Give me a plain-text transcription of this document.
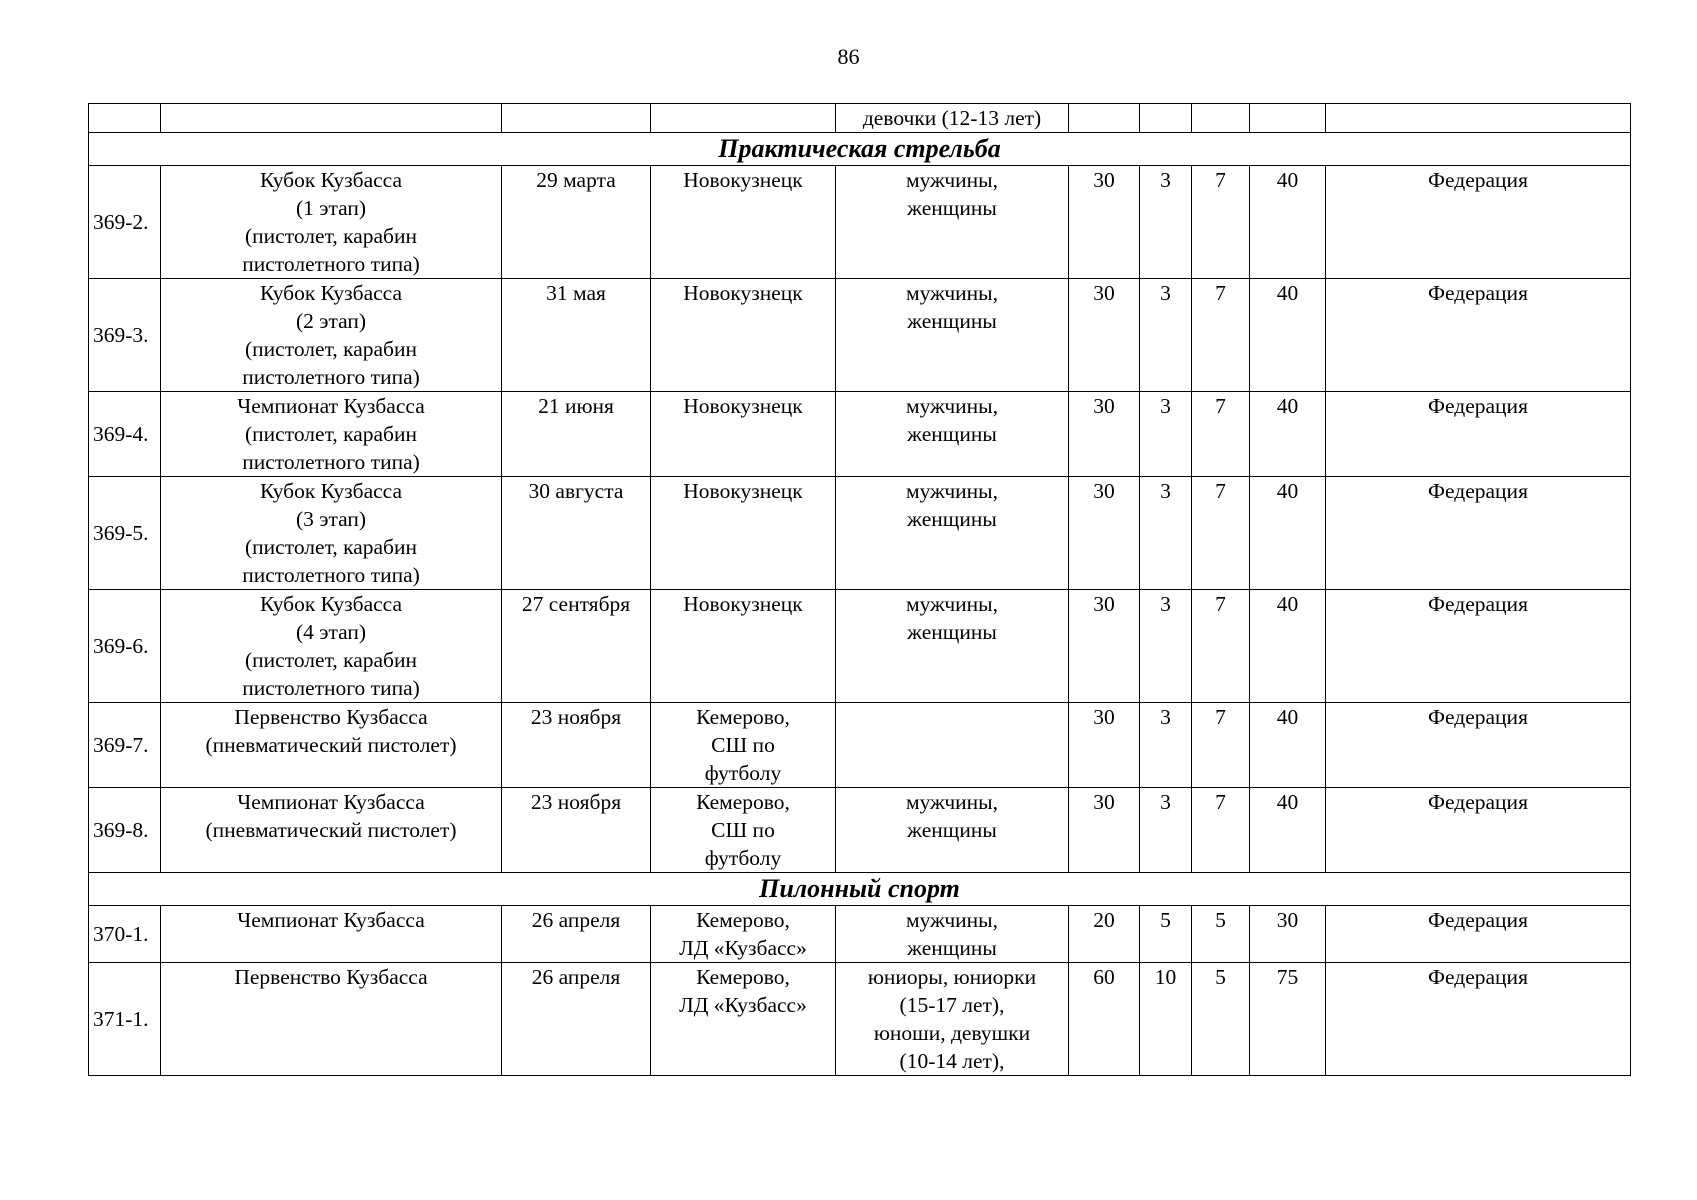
86
				девочки (12-13 лет)					
Практическая стрельба									
369-2.	Кубок Кузбасса
(1 этап)
(пистолет, карабин
пистолетного типа)	29 марта	Новокузнецк	мужчины,
женщины	30	3	7	40	Федерация
369-3.	Кубок Кузбасса
(2 этап)
(пистолет, карабин
пистолетного типа)	31 мая	Новокузнецк	мужчины,
женщины	30	3	7	40	Федерация
369-4.	Чемпионат Кузбасса
(пистолет, карабин
пистолетного типа)	21 июня	Новокузнецк	мужчины,
женщины	30	3	7	40	Федерация
369-5.	Кубок Кузбасса
(3 этап)
(пистолет, карабин
пистолетного типа)	30 августа	Новокузнецк	мужчины,
женщины	30	3	7	40	Федерация
369-6.	Кубок Кузбасса
(4 этап)
(пистолет, карабин
пистолетного типа)	27 сентября	Новокузнецк	мужчины,
женщины	30	3	7	40	Федерация
369-7.	Первенство Кузбасса
(пневматический пистолет)	23 ноября	Кемерово,
СШ по
футболу		30	3	7	40	Федерация
369-8.	Чемпионат Кузбасса
(пневматический пистолет)	23 ноября	Кемерово,
СШ по
футболу	мужчины,
женщины	30	3	7	40	Федерация
Пилонный спорт									
370-1.	Чемпионат Кузбасса	26 апреля	Кемерово,
ЛД «Кузбасс»	мужчины,
женщины	20	5	5	30	Федерация
371-1.	Первенство Кузбасса	26 апреля	Кемерово,
ЛД «Кузбасс»	юниоры, юниорки
(15-17 лет),
юноши, девушки
(10-14 лет),	60	10	5	75	Федерация
